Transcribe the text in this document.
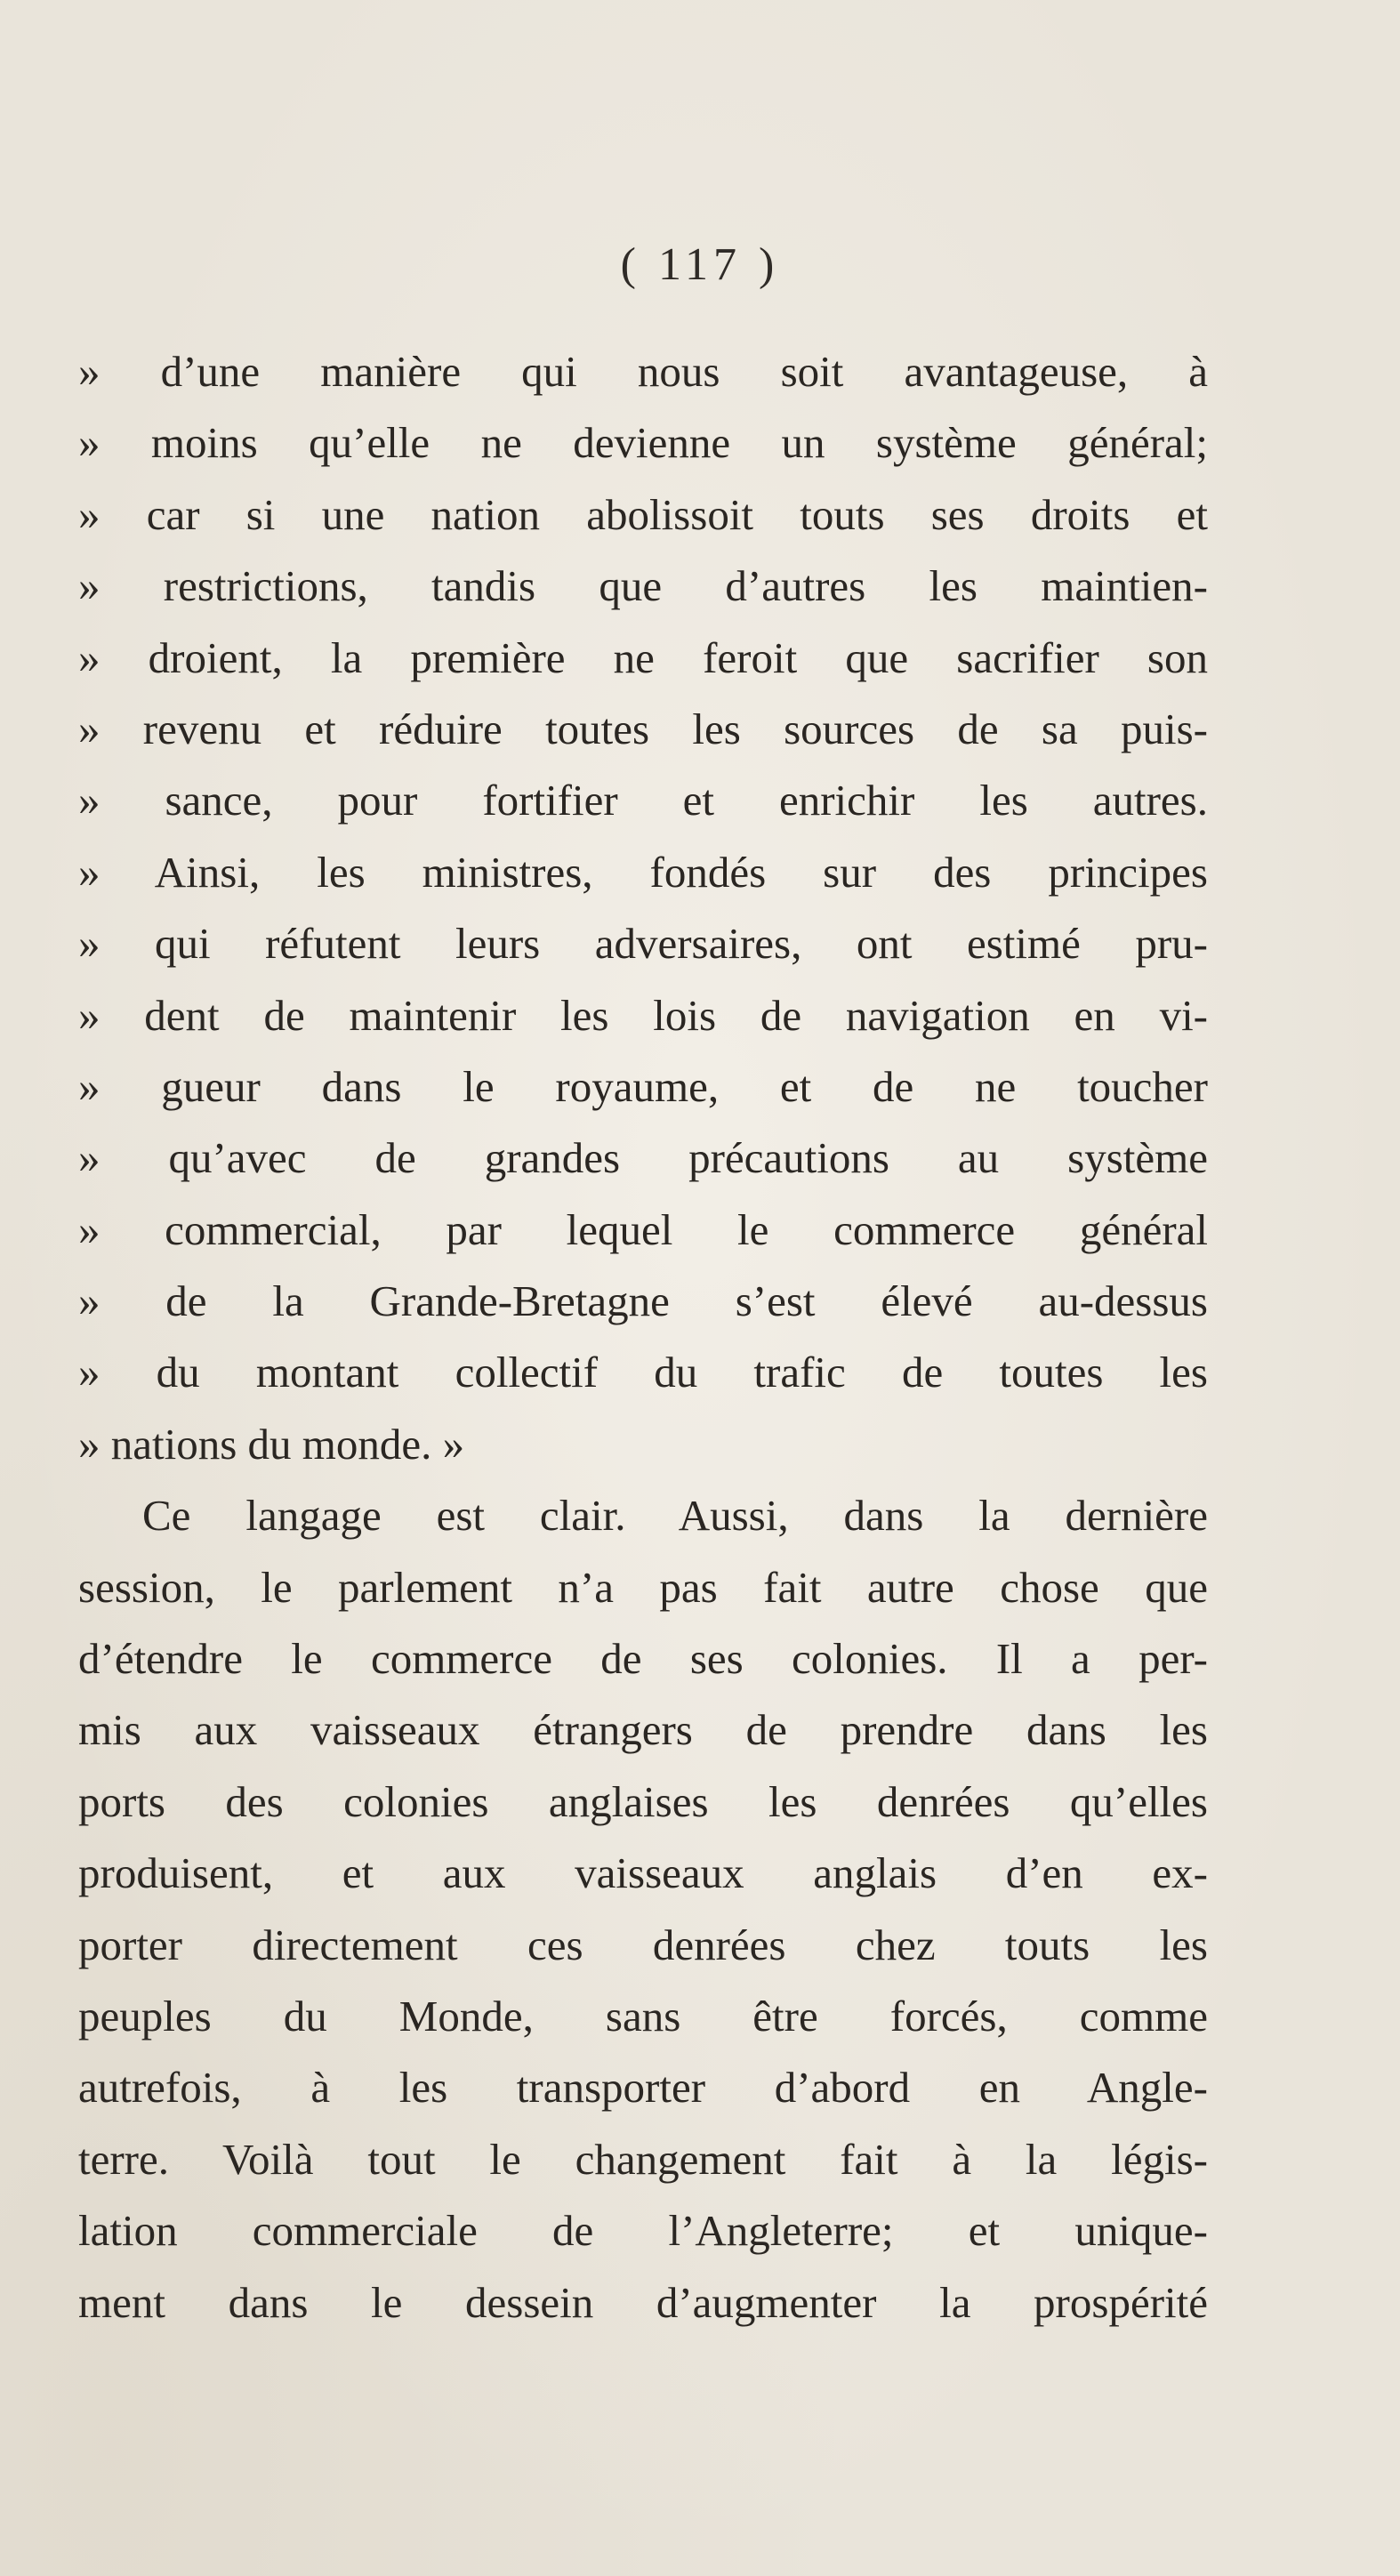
( 117 )
» d’une manière qui nous soit avantageuse, à
» moins qu’elle ne devienne un système général;
» car si une nation abolissoit touts ses droits et
» restrictions, tandis que d’autres les maintien-
» droient, la première ne feroit que sacrifier son
» revenu et réduire toutes les sources de sa puis-
» sance, pour fortifier et enrichir les autres.
» Ainsi, les ministres, fondés sur des principes
» qui réfutent leurs adversaires, ont estimé pru-
» dent de maintenir les lois de navigation en vi-
» gueur dans le royaume, et de ne toucher
» qu’avec de grandes précautions au système
» commercial, par lequel le commerce général
» de la Grande-Bretagne s’est élevé au-dessus
» du montant collectif du trafic de toutes les
» nations du monde. »
Ce langage est clair. Aussi, dans la dernière
session, le parlement n’a pas fait autre chose que
d’étendre le commerce de ses colonies. Il a per-
mis aux vaisseaux étrangers de prendre dans les
ports des colonies anglaises les denrées qu’elles
produisent, et aux vaisseaux anglais d’en ex-
porter directement ces denrées chez touts les
peuples du Monde, sans être forcés, comme
autrefois, à les transporter d’abord en Angle-
terre. Voilà tout le changement fait à la légis-
lation commerciale de l’Angleterre; et unique-
ment dans le dessein d’augmenter la prospérité
